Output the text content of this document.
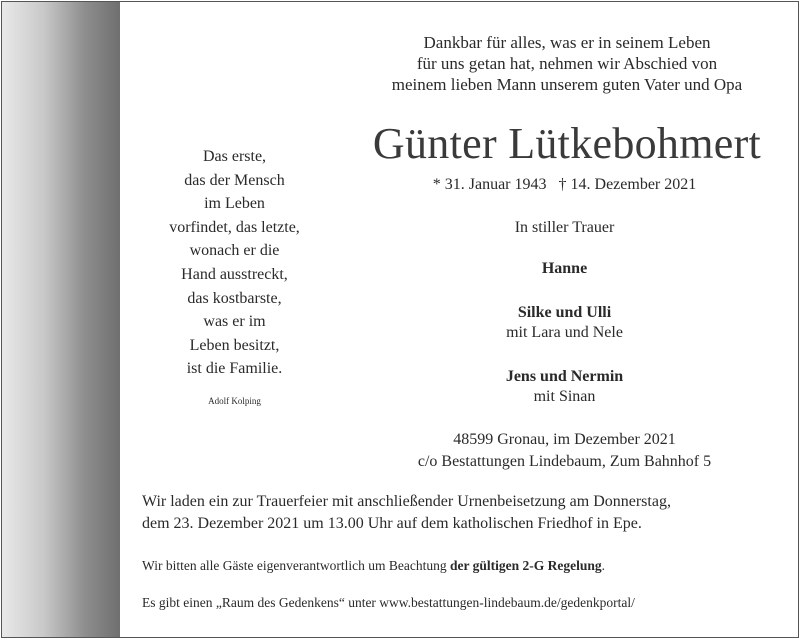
Dankbar für alles, was er in seinem Leben
für uns getan hat, nehmen wir Abschied von
meinem lieben Mann unserem guten Vater und Opa
Günter Lütkebohmert
* 31. Januar 1943 † 14. Dezember 2021
In stiller Trauer
Hanne
Silke und Ulli
mit Lara und Nele
Jens und Nermin
mit Sinan
Das erste,
das der Mensch
im Leben
vorfindet, das letzte,
wonach er die
Hand ausstreckt,
das kostbarste,
was er im
Leben besitzt,
ist die Familie.
Adolf Kolping
48599 Gronau, im Dezember 2021
c/o Bestattungen Lindebaum, Zum Bahnhof 5
Wir laden ein zur Trauerfeier mit anschließender Urnenbeisetzung am Donnerstag,
dem 23. Dezember 2021 um 13.00 Uhr auf dem katholischen Friedhof in Epe.
Wir bitten alle Gäste eigenverantwortlich um Beachtung der gültigen 2-G Regelung.
Es gibt einen „Raum des Gedenkens“ unter www.bestattungen-lindebaum.de/gedenkportal/
